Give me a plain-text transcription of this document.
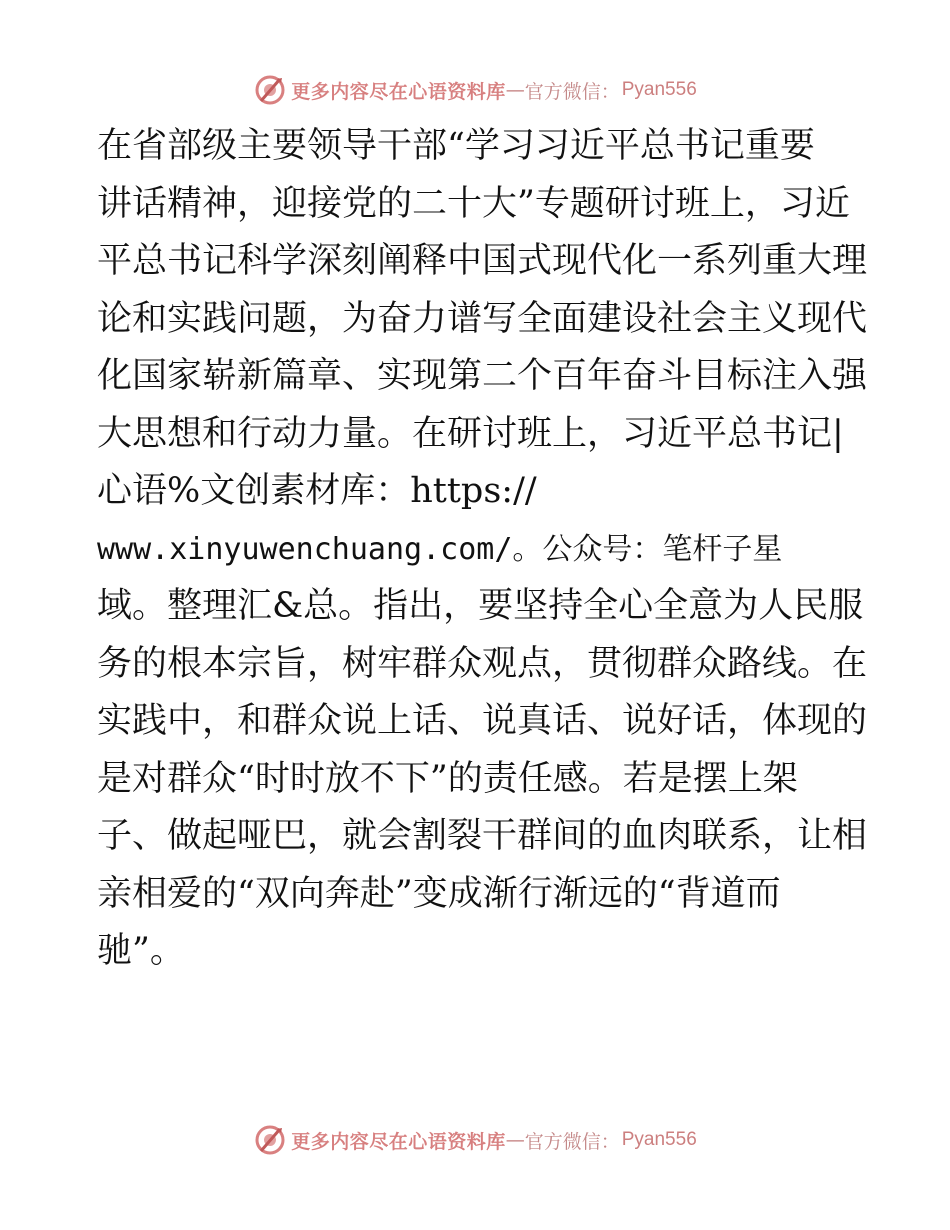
更多内容尽在心语资料库 — 官方微信： Pyan556
在省部级主要领导干部“学习习近平总书记重要
讲话精神，迎接党的二十大”专题研讨班上，习近
平总书记科学深刻阐释中国式现代化一系列重大理
论和实践问题，为奋力谱写全面建设社会主义现代
化国家崭新篇章、实现第二个百年奋斗目标注入强
大思想和行动力量。在研讨班上，习近平总书记|
心语%文创素材库：https://
www.xinyuwenchuang.com/。公众号：笔杆子星
域。整理汇&总。指出，要坚持全心全意为人民服
务的根本宗旨，树牢群众观点，贯彻群众路线。在
实践中，和群众说上话、说真话、说好话，体现的
是对群众“时时放不下”的责任感。若是摆上架
子、做起哑巴，就会割裂干群间的血肉联系，让相
亲相爱的“双向奔赴”变成渐行渐远的“背道而
驰”。
更多内容尽在心语资料库 — 官方微信： Pyan556
